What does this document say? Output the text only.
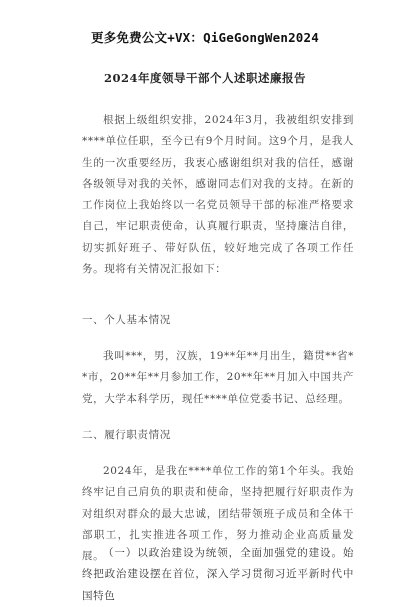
更多免费公文+VX：QiGeGongWen2024
2024年度领导干部个人述职述廉报告
根据上级组织安排，2024年3月，我被组织安排到****单位任职，至今已有9个月时间。这9个月，是我人生的一次重要经历，我衷心感谢组织对我的信任，感谢各级领导对我的关怀，感谢同志们对我的支持。在新的工作岗位上我始终以一名党员领导干部的标准严格要求自己，牢记职责使命，认真履行职责，坚持廉洁自律，切实抓好班子、带好队伍，较好地完成了各项工作任务。现将有关情况汇报如下：
一、个人基本情况
我叫***，男，汉族，19**年**月出生，籍贯**省**市，20**年**月参加工作，20**年**月加入中国共产党，大学本科学历，现任****单位党委书记、总经理。
二、履行职责情况
2024年，是我在****单位工作的第1个年头。我始终牢记自己肩负的职责和使命，坚持把履行好职责作为对组织对群众的最大忠诚，团结带领班子成员和全体干部职工，扎实推进各项工作，努力推动企业高质量发展。
（一）以政治建设为统领，全面加强党的建设。始终把政治建设摆在首位，深入学习贯彻习近平新时代中国特色
